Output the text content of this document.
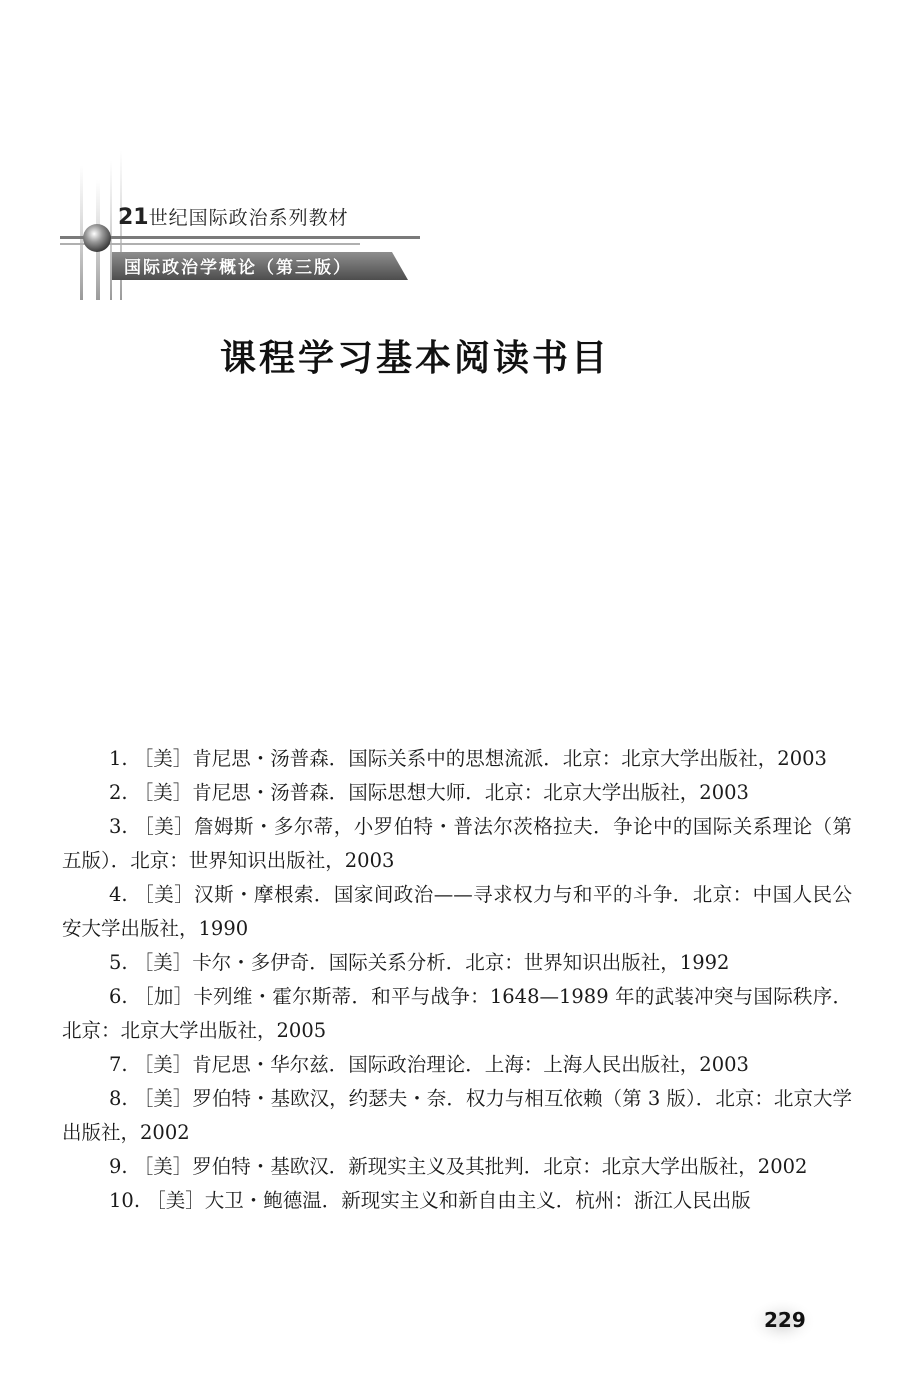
21世纪国际政治系列教材
国际政治学概论（第三版）
课程学习基本阅读书目

1. ［美］肯尼思・汤普森．国际关系中的思想流派．北京：北京大学出版社，2003

2. ［美］肯尼思・汤普森．国际思想大师．北京：北京大学出版社，2003

3. ［美］詹姆斯・多尔蒂，小罗伯特・普法尔茨格拉夫．争论中的国际关系理论（第五版）．北京：世界知识出版社，2003

4. ［美］汉斯・摩根索．国家间政治——寻求权力与和平的斗争．北京：中国人民公安大学出版社，1990

5. ［美］卡尔・多伊奇．国际关系分析．北京：世界知识出版社，1992

6. ［加］卡列维・霍尔斯蒂．和平与战争：1648—1989 年的武装冲突与国际秩序．北京：北京大学出版社，2005

7. ［美］肯尼思・华尔兹．国际政治理论．上海：上海人民出版社，2003

8. ［美］罗伯特・基欧汉，约瑟夫・奈．权力与相互依赖（第 3 版）．北京：北京大学出版社，2002

9. ［美］罗伯特・基欧汉．新现实主义及其批判．北京：北京大学出版社，2002

10. ［美］大卫・鲍德温．新现实主义和新自由主义．杭州：浙江人民出版

229
